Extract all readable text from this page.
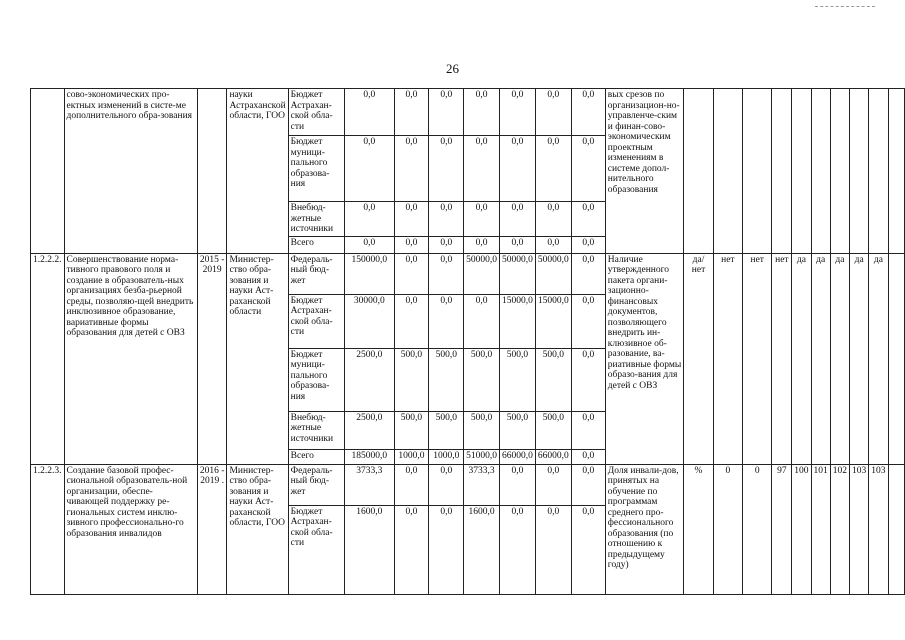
26
	сово-экономических про-ектных изменений в систе-ме дополнительного обра-зования		науки Астраханской области, ГОО	Бюджет Астрахан-ской обла-сти	0,0	0,0	0,0	0,0	0,0	0,0	0,0	вых срезов по организацион-но-управленче-ским и финан-сово-экономическим проектным изменениям в системе допол-нительного образования										
				Бюджет муници-пального образова-ния	0,0	0,0	0,0	0,0	0,0	0,0	0,0											
				Внебюд-жетные источники	0,0	0,0	0,0	0,0	0,0	0,0	0,0											
				Всего	0,0	0,0	0,0	0,0	0,0	0,0	0,0											
1.2.2.2.	Совершенствование норма-тивного правового поля и создание в образователь-ных организациях безба-рьерной среды, позволяю-щей внедрить инклюзивное образование, вариативные формы образования для детей с ОВЗ	2015 - 2019	Министер-ство обра-зования и науки Аст-раханской области	Федераль-ный бюд-жет	150000,0	0,0	0,0	50000,0	50000,0	50000,0	0,0	Наличие утвержденного пакета органи-зационно-финансовых документов, позволяющего внедрить ин-клюзивное об-разование, ва-риативные формы образо-вания для детей с ОВЗ	да/ нет	нет	нет	нет	да	да	да	да	да	
				Бюджет Астрахан-ской обла-сти	30000,0	0,0	0,0	0,0	15000,0	15000,0	0,0											
				Бюджет муници-пального образова-ния	2500,0	500,0	500,0	500,0	500,0	500,0	0,0											
				Внебюд-жетные источники	2500,0	500,0	500,0	500,0	500,0	500,0	0,0											
				Всего	185000,0	1000,0	1000,0	51000,0	66000,0	66000,0	0,0											
1.2.2.3.	Создание базовой профес-сиональной образователь-ной организации, обеспе-чивающей поддержку ре-гиональных систем инклю-зивного профессионально-го образования инвалидов	2016 - 2019 .	Министер-ство обра-зования и науки Аст-раханской области, ГОО	Федераль-ный бюд-жет	3733,3	0,0	0,0	3733,3	0,0	0,0	0,0	Доля инвали-дов, принятых на обучение по программам среднего про-фессионального образования (по отношению к предыдущему году)	%	0	0	97	100	101	102	103	103	
				Бюджет Астрахан-ской обла-сти	1600,0	0,0	0,0	1600,0	0,0	0,0	0,0											
